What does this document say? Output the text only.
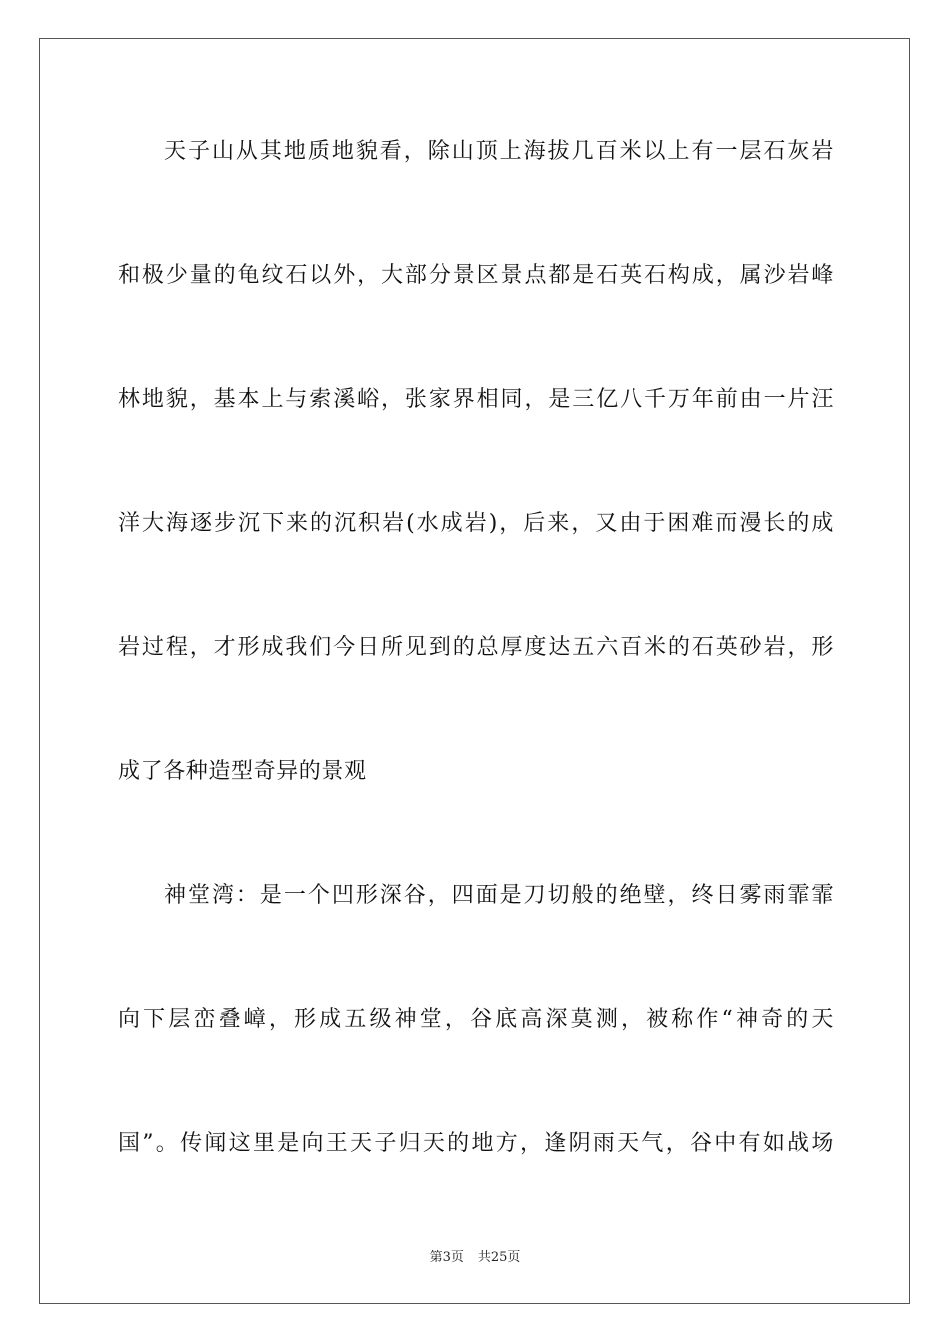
天子山从其地质地貌看，除山顶上海拔几百米以上有一层石灰岩
和极少量的龟纹石以外，大部分景区景点都是石英石构成，属沙岩峰
林地貌，基本上与索溪峪，张家界相同，是三亿八千万年前由一片汪
洋大海逐步沉下来的沉积岩(水成岩)，后来，又由于困难而漫长的成
岩过程，才形成我们今日所见到的总厚度达五六百米的石英砂岩，形
成了各种造型奇异的景观
神堂湾：是一个凹形深谷，四面是刀切般的绝壁，终日雾雨霏霏
向下层峦叠嶂，形成五级神堂，谷底高深莫测，被称作“神奇的天
国”。传闻这里是向王天子归天的地方，逢阴雨天气，谷中有如战场
第3页 共25页
